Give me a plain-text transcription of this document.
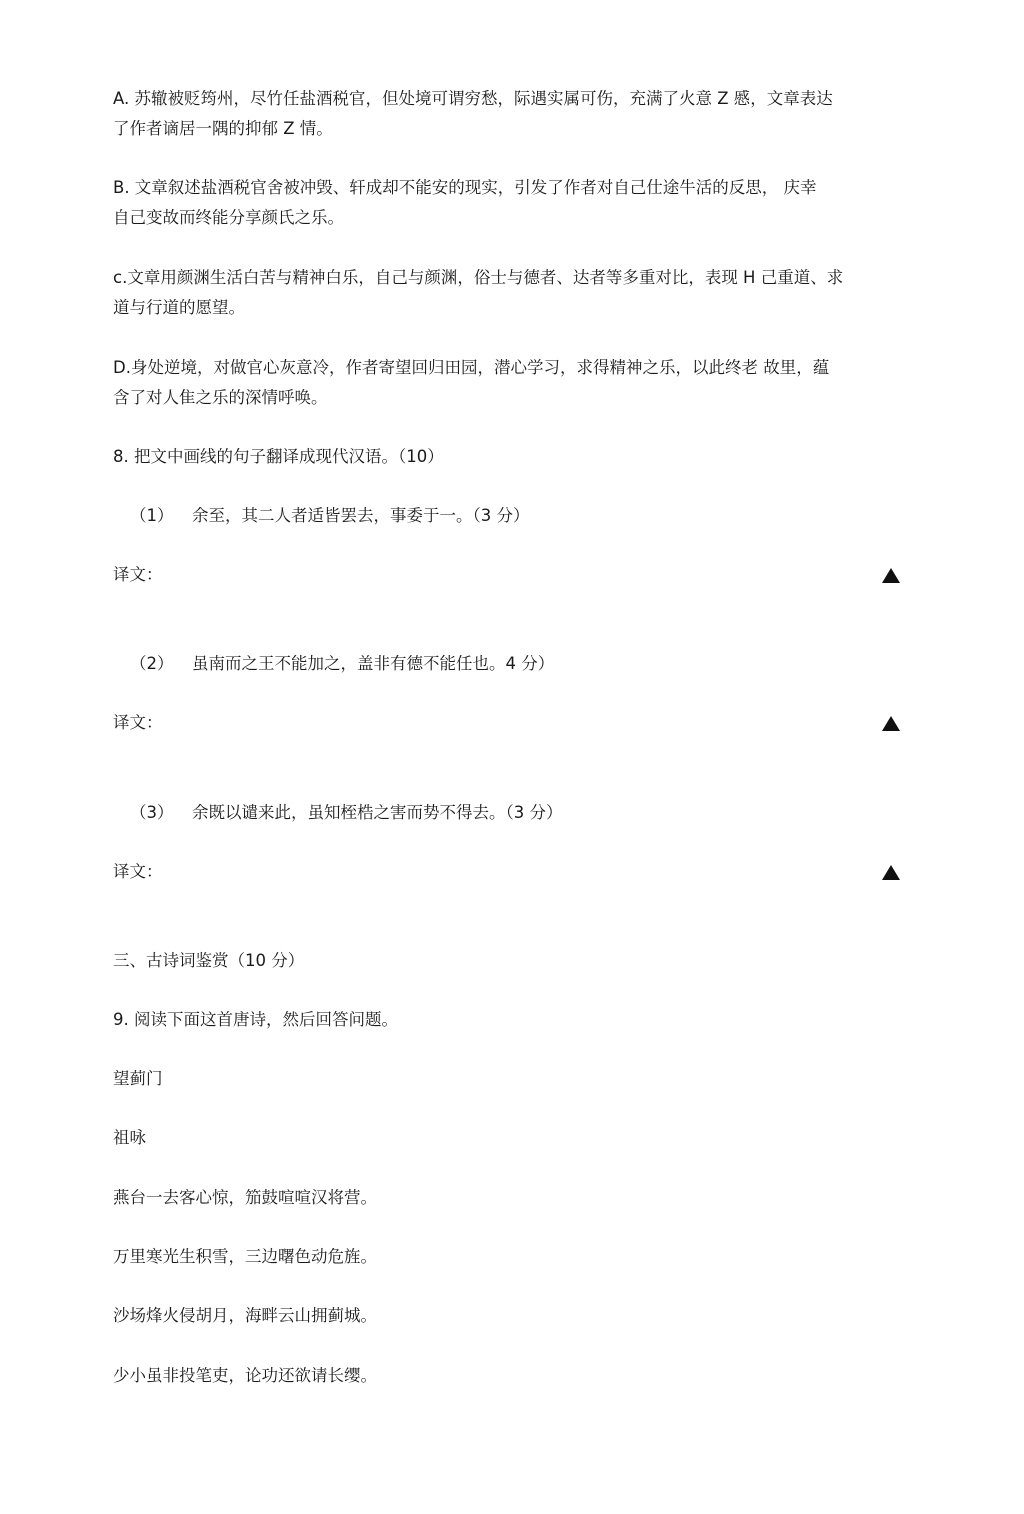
A. 苏辙被贬筠州，尽竹任盐酒税官，但处境可谓穷愁，际遇实属可伤，充满了火意 Z 慼，文章表达
了作者谪居一隅的抑郁 Z 情。
B. 文章叙述盐酒税官舍被冲毁、轩成却不能安的现实，引发了作者对自己仕途牛活的反思， 庆幸
自己变故而终能分享颜氏之乐。
c.文章用颜渊生活白苦与精神白乐，自己与颜渊，俗士与德者、达者等多重对比，表现 H 己重道、求
道与行道的愿望。
D.身处逆境，对做官心灰意冷，作者寄望回归田园，潜心学习，求得精神之乐，以此终老 故里，蕴
含了对人隹之乐的深情呼唤。
8. 把文中画线的句子翻译成现代汉语。（10）
（1） 余至，其二人者适皆罢去，事委于一。（3 分）
译文：
（2） 虽南而之王不能加之，盖非有德不能任也。4 分）
译文：
（3） 余既以谴来此，虽知桎梏之害而势不得去。（3 分）
译文：
三、古诗词鉴赏（10 分）
9. 阅读下面这首唐诗，然后回答问题。
望蓟门
祖咏
燕台一去客心惊，笳鼓喧喧汉将营。
万里寒光生积雪，三边曙色动危旌。
沙场烽火侵胡月，海畔云山拥蓟城。
少小虽非投笔吏，论功还欲请长缨。
